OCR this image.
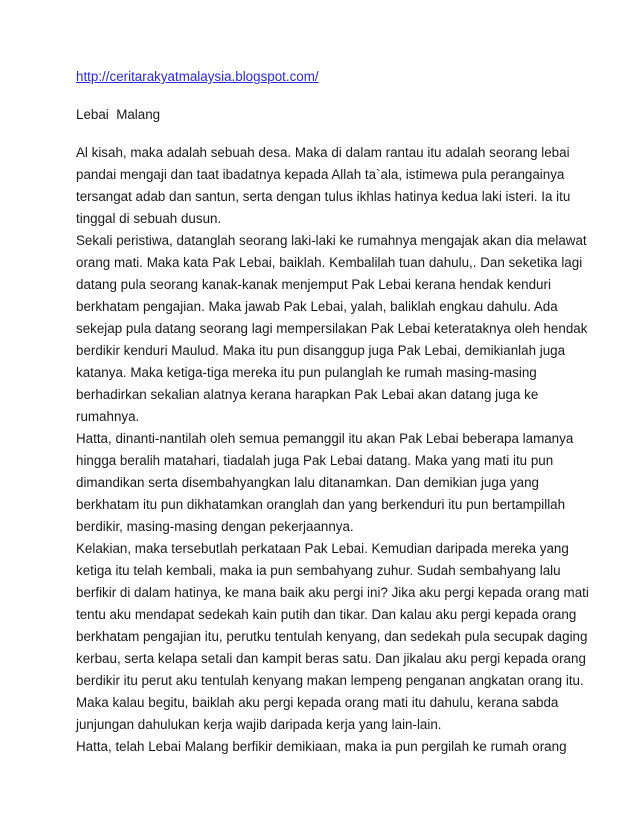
http://ceritarakyatmalaysia.blogspot.com/
Lebai  Malang
Al kisah, maka adalah sebuah desa. Maka di dalam rantau itu adalah seorang lebai
pandai mengaji dan taat ibadatnya kepada Allah ta`ala, istimewa pula perangainya
tersangat adab dan santun, serta dengan tulus ikhlas hatinya kedua laki isteri. Ia itu
tinggal di sebuah dusun.
Sekali peristiwa, datanglah seorang laki-laki ke rumahnya mengajak akan dia melawat
orang mati. Maka kata Pak Lebai, baiklah. Kembalilah tuan dahulu,. Dan seketika lagi
datang pula seorang kanak-kanak menjemput Pak Lebai kerana hendak kenduri
berkhatam pengajian. Maka jawab Pak Lebai, yalah, baliklah engkau dahulu. Ada
sekejap pula datang seorang lagi mempersilakan Pak Lebai keterataknya oleh hendak
berdikir kenduri Maulud. Maka itu pun disanggup juga Pak Lebai, demikianlah juga
katanya. Maka ketiga-tiga mereka itu pun pulanglah ke rumah masing-masing
berhadirkan sekalian alatnya kerana harapkan Pak Lebai akan datang juga ke
rumahnya.
Hatta, dinanti-nantilah oleh semua pemanggil itu akan Pak Lebai beberapa lamanya
hingga beralih matahari, tiadalah juga Pak Lebai datang. Maka yang mati itu pun
dimandikan serta disembahyangkan lalu ditanamkan. Dan demikian juga yang
berkhatam itu pun dikhatamkan oranglah dan yang berkenduri itu pun bertampillah
berdikir, masing-masing dengan pekerjaannya.
Kelakian, maka tersebutlah perkataan Pak Lebai. Kemudian daripada mereka yang
ketiga itu telah kembali, maka ia pun sembahyang zuhur. Sudah sembahyang lalu
berfikir di dalam hatinya, ke mana baik aku pergi ini? Jika aku pergi kepada orang mati
tentu aku mendapat sedekah kain putih dan tikar. Dan kalau aku pergi kepada orang
berkhatam pengajian itu, perutku tentulah kenyang, dan sedekah pula secupak daging
kerbau, serta kelapa setali dan kampit beras satu. Dan jikalau aku pergi kepada orang
berdikir itu perut aku tentulah kenyang makan lempeng penganan angkatan orang itu.
Maka kalau begitu, baiklah aku pergi kepada orang mati itu dahulu, kerana sabda
junjungan dahulukan kerja wajib daripada kerja yang lain-lain.
Hatta, telah Lebai Malang berfikir demikiaan, maka ia pun pergilah ke rumah orang
